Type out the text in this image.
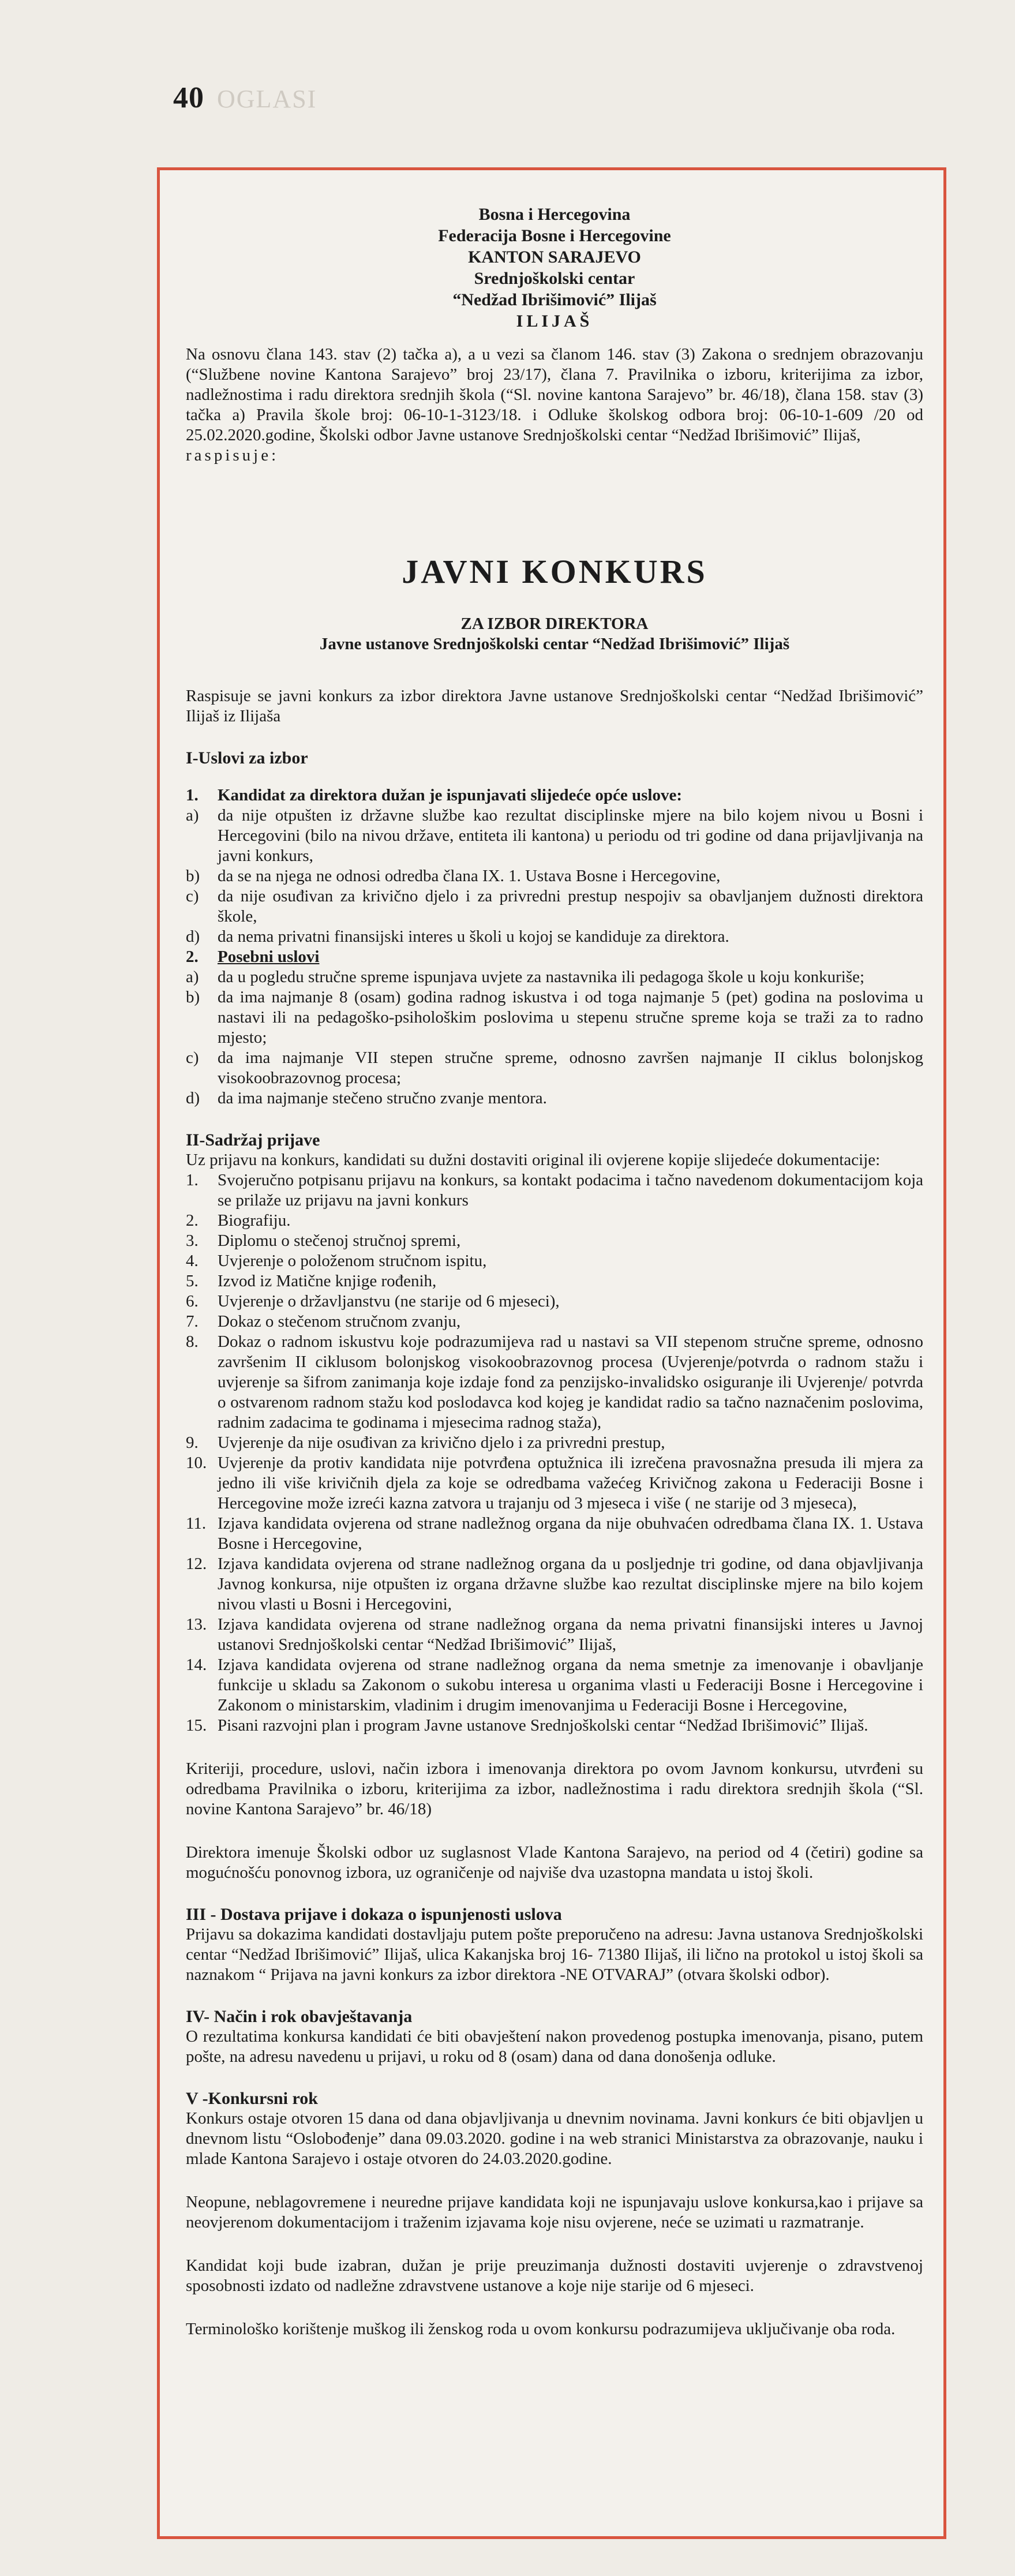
40 OGLASI
Bosna i Hercegovina
Federacija Bosne i Hercegovine
KANTON SARAJEVO
Srednjoškolski centar
“Nedžad Ibrišimović” Ilijaš
ILIJAŠ

Na osnovu člana 143. stav (2) tačka a), a u vezi sa članom 146. stav (3) Zakona o srednjem obrazovanju (“Službene novine Kantona Sarajevo” broj 23/17), člana 7. Pravilnika o izboru, kriterijima za izbor, nadležnostima i radu direktora srednjih škola (“Sl. novine kantona Sarajevo” br. 46/18), člana 158. stav (3) tačka a) Pravila škole broj: 06-10-1-3123/18. i Odluke školskog odbora broj: 06-10-1-609 /20 od 25.02.2020.godine, Školski odbor Javne ustanove Srednjoškolski centar “Nedžad Ibrišimović” Ilijaš,

raspisuje:

JAVNI KONKURS
ZA IZBOR DIREKTORA
Javne ustanove Srednjoškolski centar “Nedžad Ibrišimović” Ilijaš

Raspisuje se javni konkurs za izbor direktora Javne ustanove Srednjoškolski centar “Nedžad Ibrišimović” Ilijaš iz Ilijaša

I-Uslovi za izbor
1.	Kandidat za direktora dužan je ispunjavati slijedeće opće uslove:
a)	da nije otpušten iz državne službe kao rezultat disciplinske mjere na bilo kojem nivou u Bosni i Hercegovini (bilo na nivou države, entiteta ili kantona) u periodu od tri godine od dana prijavljivanja na javni konkurs,
b)	da se na njega ne odnosi odredba člana IX. 1. Ustava Bosne i Hercegovine,
c)	da nije osuđivan za krivično djelo i za privredni prestup nespojiv sa obavljanjem dužnosti direktora škole,
d)	da nema privatni finansijski interes u školi u kojoj se kandiduje za direktora.
2.	Posebni uslovi
a)	da u pogledu stručne spreme ispunjava uvjete za nastavnika ili pedagoga škole u koju konkuriše;
b)	da ima najmanje 8 (osam) godina radnog iskustva i od toga najmanje 5 (pet) godina na poslovima u nastavi ili na pedagoško-psihološkim poslovima u stepenu stručne spreme koja se traži za to radno mjesto;
c)	da ima najmanje VII stepen stručne spreme, odnosno završen najmanje II ciklus bolonjskog visokoobrazovnog procesa;
d)	da ima najmanje stečeno stručno zvanje mentora.
II-Sadržaj prijave

Uz prijavu na konkurs, kandidati su dužni dostaviti original ili ovjerene kopije slijedeće dokumentacije:

1.	Svojeručno potpisanu prijavu na konkurs, sa kontakt podacima i tačno navedenom dokumentacijom koja se prilaže uz prijavu na javni konkurs
2.	Biografiju.
3.	Diplomu o stečenoj stručnoj spremi,
4.	Uvjerenje o položenom stručnom ispitu,
5.	Izvod iz Matične knjige rođenih,
6.	Uvjerenje o državljanstvu (ne starije od 6 mjeseci),
7.	Dokaz o stečenom stručnom zvanju,
8.	Dokaz o radnom iskustvu koje podrazumijeva rad u nastavi sa VII stepenom stručne spreme, odnosno završenim II ciklusom bolonjskog visokoobrazovnog procesa (Uvjerenje/potvrda o radnom stažu i uvjerenje sa šifrom zanimanja koje izdaje fond za penzijsko-invalidsko osiguranje ili Uvjerenje/ potvrda o ostvarenom radnom stažu kod poslodavca kod kojeg je kandidat radio sa tačno naznačenim poslovima, radnim zadacima te godinama i mjesecima radnog staža),
9.	Uvjerenje da nije osuđivan za krivično djelo i za privredni prestup,
10. Uvjerenje da protiv kandidata nije potvrđena optužnica ili izrečena pravosnažna presuda ili mjera za jedno ili više krivičnih djela za koje se odredbama važećeg Krivičnog zakona u Federaciji Bosne i Hercegovine može izreći kazna zatvora u trajanju od 3 mjeseca i više ( ne starije od 3 mjeseca),
11. Izjava kandidata ovjerena od strane nadležnog organa da nije obuhvaćen odredbama člana IX. 1. Ustava Bosne i Hercegovine,
12. Izjava kandidata ovjerena od strane nadležnog organa da u posljednje tri godine, od dana objavljivanja Javnog konkursa, nije otpušten iz organa državne službe kao rezultat disciplinske mjere na bilo kojem nivou vlasti u Bosni i Hercegovini,
13. Izjava kandidata ovjerena od strane nadležnog organa da nema privatni finansijski interes u Javnoj ustanovi Srednjoškolski centar “Nedžad Ibrišimović” Ilijaš,
14. Izjava kandidata ovjerena od strane nadležnog organa da nema smetnje za imenovanje i obavljanje funkcije u skladu sa Zakonom o sukobu interesa u organima vlasti u Federaciji Bosne i Hercegovine i Zakonom o ministarskim, vladinim i drugim imenovanjima u Federaciji Bosne i Hercegovine,
15. Pisani razvojni plan i program Javne ustanove Srednjoškolski centar “Nedžad Ibrišimović” Ilijaš.

Kriteriji, procedure, uslovi, način izbora i imenovanja direktora po ovom Javnom konkursu, utvrđeni su odredbama Pravilnika o izboru, kriterijima za izbor, nadležnostima i radu direktora srednjih škola (“Sl. novine Kantona Sarajevo” br. 46/18)

Direktora imenuje Školski odbor uz suglasnost Vlade Kantona Sarajevo, na period od 4 (četiri) godine sa mogućnošću ponovnog izbora, uz ograničenje od najviše dva uzastopna mandata u istoj školi.

III - Dostava prijave i dokaza o ispunjenosti uslova

Prijavu sa dokazima kandidati dostavljaju putem pošte preporučeno na adresu: Javna ustanova Srednjoškolski centar “Nedžad Ibrišimović” Ilijaš, ulica Kakanjska broj 16- 71380 Ilijaš, ili lično na protokol u istoj školi sa naznakom “ Prijava na javni konkurs za izbor direktora -NE OTVARAJ” (otvara školski odbor).

IV- Način i rok obavještavanja

O rezultatima konkursa kandidati će biti obavještení nakon provedenog postupka imenovanja, pisano, putem pošte, na adresu navedenu u prijavi, u roku od 8 (osam) dana od dana donošenja odluke.

V -Konkursni rok

Konkurs ostaje otvoren 15 dana od dana objavljivanja u dnevnim novinama. Javni konkurs će biti objavljen u dnevnom listu “Oslobođenje” dana 09.03.2020. godine i na web stranici Ministarstva za obrazovanje, nauku i mlade Kantona Sarajevo i ostaje otvoren do 24.03.2020.godine.

Neopune, neblagovremene i neuredne prijave kandidata koji ne ispunjavaju uslove konkursa,kao i prijave sa neovjerenom dokumentacijom i traženim izjavama koje nisu ovjerene, neće se uzimati u razmatranje.

Kandidat koji bude izabran, dužan je prije preuzimanja dužnosti dostaviti uvjerenje o zdravstvenoj sposobnosti izdato od nadležne zdravstvene ustanove a koje nije starije od 6 mjeseci.

Terminološko korištenje muškog ili ženskog roda u ovom konkursu podrazumijeva uključivanje oba roda.
